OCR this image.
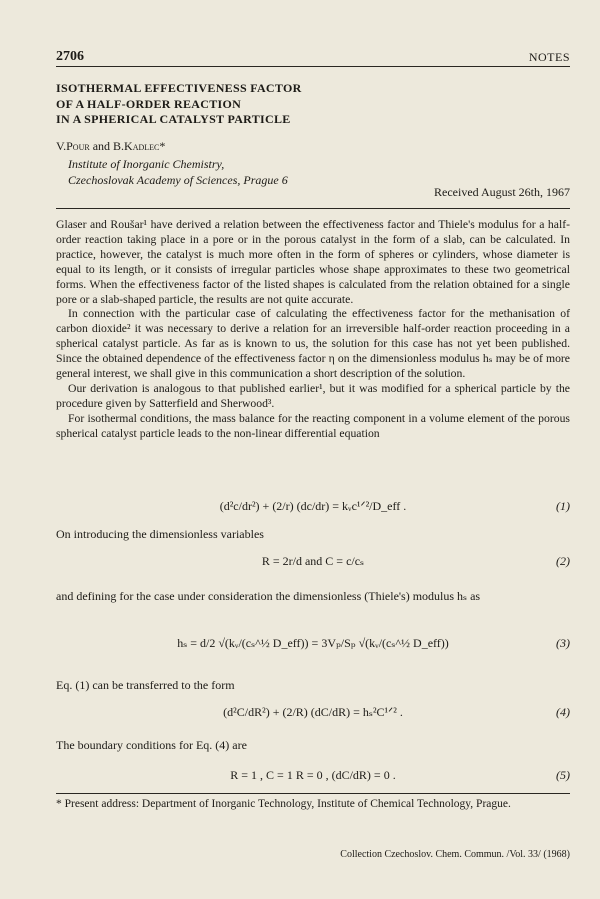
2706	NOTES
ISOTHERMAL EFFECTIVENESS FACTOR
OF A HALF-ORDER REACTION
IN A SPHERICAL CATALYST PARTICLE
V.Pour and B.Kadlec*
Institute of Inorganic Chemistry,
Czechoslovak Academy of Sciences, Prague 6
Received August 26th, 1967

Glaser and Roušar¹ have derived a relation between the effectiveness factor and Thiele's modulus for a half-order reaction taking place in a pore or in the porous catalyst in the form of a slab, can be calculated. In practice, however, the catalyst is much more often in the form of spheres or cylinders, whose diameter is equal to its length, or it consists of irregular particles whose shape approximates to these two geometrical forms. When the effectiveness factor of the listed shapes is calculated from the relation obtained for a single pore or a slab-shaped particle, the results are not quite accurate.

In connection with the particular case of calculating the effectiveness factor for the methanisation of carbon dioxide² it was necessary to derive a relation for an irreversible half-order reaction proceeding in a spherical catalyst particle. As far as is known to us, the solution for this case has not yet been published. Since the obtained dependence of the effectiveness factor η on the dimensionless modulus hₛ may be of more general interest, we shall give in this communication a short description of the solution.

Our derivation is analogous to that published earlier¹, but it was modified for a spherical particle by the procedure given by Satterfield and Sherwood³.

For isothermal conditions, the mass balance for the reacting component in a volume element of the porous spherical catalyst particle leads to the non-linear differential equation

(d²c/dr²) + (2/r) (dc/dr) = kᵥc¹ᐟ²/D_eff .	(1)
On introducing the dimensionless variables
R = 2r/d and C = c/cₛ	(2)
and defining for the case under consideration the dimensionless (Thiele's) modulus hₛ as
hₛ = d/2 √(kᵥ/(cₛ^½ D_eff)) = 3Vₚ/Sₚ √(kᵥ/(cₛ^½ D_eff))	(3)
Eq. (1) can be transferred to the form
(d²C/dR²) + (2/R) (dC/dR) = hₛ²C¹ᐟ² .	(4)
The boundary conditions for Eq. (4) are
R = 1 , C = 1 R = 0 , (dC/dR) = 0 .	(5)
* Present address: Department of Inorganic Technology, Institute of Chemical Technology, Prague.
Collection Czechoslov. Chem. Commun. /Vol. 33/ (1968)
